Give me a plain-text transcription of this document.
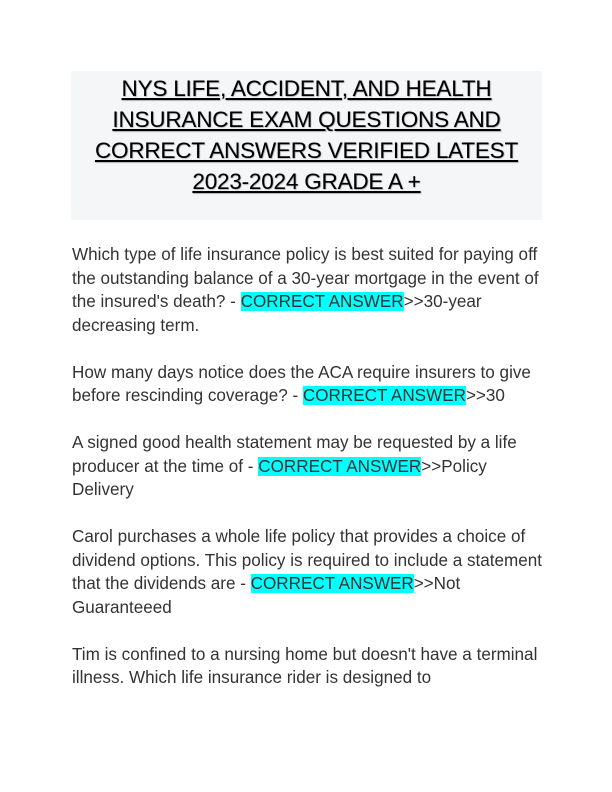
NYS LIFE, ACCIDENT, AND HEALTH INSURANCE EXAM QUESTIONS AND CORRECT ANSWERS VERIFIED LATEST 2023-2024 GRADE A +

Which type of life insurance policy is best suited for paying off the outstanding balance of a 30-year mortgage in the event of the insured's death? - CORRECT ANSWER>>30-year decreasing term.

How many days notice does the ACA require insurers to give before rescinding coverage? - CORRECT ANSWER>>30

A signed good health statement may be requested by a life producer at the time of - CORRECT ANSWER>>Policy Delivery

Carol purchases a whole life policy that provides a choice of dividend options. This policy is required to include a statement that the dividends are - CORRECT ANSWER>>Not Guaranteeed

Tim is confined to a nursing home but doesn't have a terminal illness. Which life insurance rider is designed to
